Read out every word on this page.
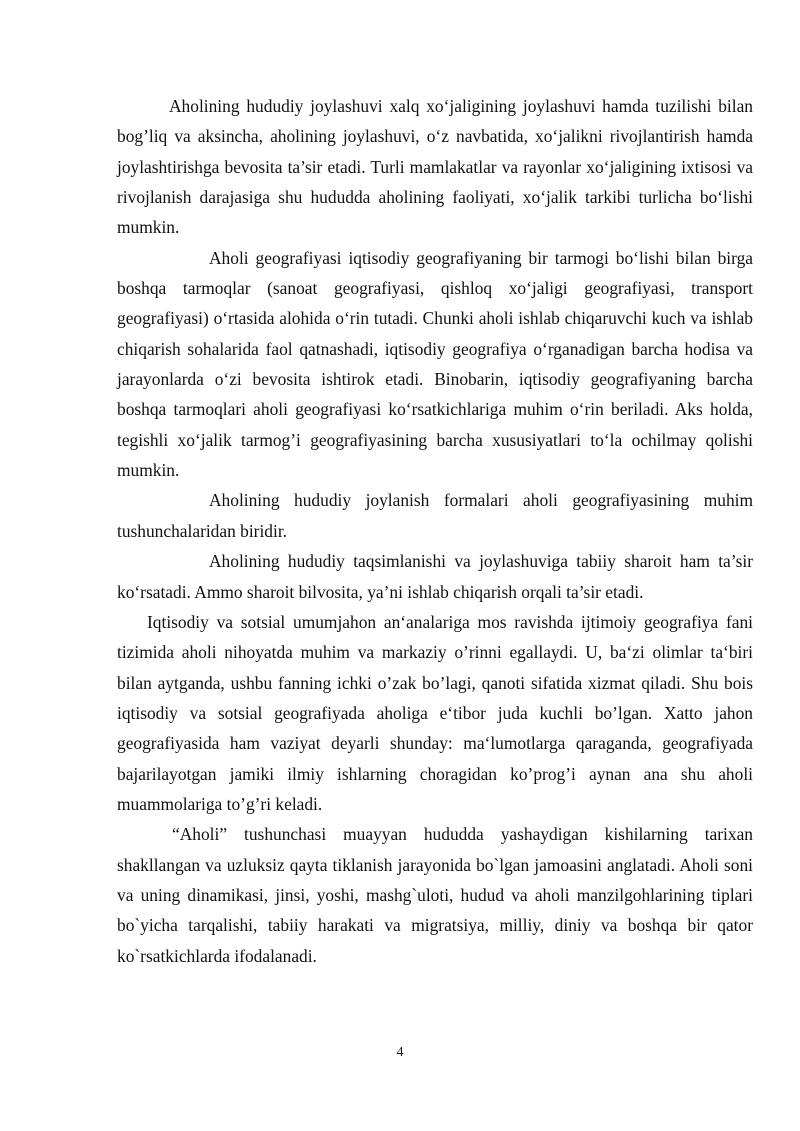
Aholining hududiy joylashuvi xalq xo‘jaligining joylashuvi hamda tuzilishi bilan bog’liq va aksincha, aholining joylashuvi, o‘z navbatida, xo‘jalikni rivojlantirish hamda joylashtirishga bevosita ta’sir etadi. Turli mamlakatlar va rayonlar xo‘jaligining ixtisosi va rivojlanish darajasiga shu hududda aholining faoliyati, xo‘jalik tarkibi turlicha bo‘lishi mumkin.

Aholi geografiyasi iqtisodiy geografiyaning bir tarmogi bo‘lishi bilan birga boshqa tarmoqlar (sanoat geografiyasi, qishloq xo‘jaligi geografiyasi, transport geografiyasi) o‘rtasida alohida o‘rin tutadi. Chunki aholi ishlab chiqaruvchi kuch va ishlab chiqarish sohalarida faol qatnashadi, iqtisodiy geografiya o‘rganadigan barcha hodisa va jarayonlarda o‘zi bevosita ishtirok etadi. Binobarin, iqtisodiy geografiyaning barcha boshqa tarmoqlari aholi geografiyasi ko‘rsatkichlariga muhim o‘rin beriladi. Aks holda, tegishli xo‘jalik tarmog’i geografiyasining barcha xususiyatlari to‘la ochilmay qolishi mumkin.

Aholining hududiy joylanish formalari aholi geografiyasining muhim tushunchalaridan biridir.

Aholining hududiy taqsimlanishi va joylashuviga tabiiy sharoit ham ta’sir ko‘rsatadi. Ammo sharoit bilvosita, ya’ni ishlab chiqarish orqali ta’sir etadi.

Iqtisodiy va sotsial umumjahon an‘analariga mos ravishda ijtimoiy geografiya fani tizimida aholi nihoyatda muhim va markaziy o’rinni egallaydi. U, ba‘zi olimlar ta‘biri bilan aytganda, ushbu fanning ichki o’zak bo’lagi, qanoti sifatida xizmat qiladi. Shu bois iqtisodiy va sotsial geografiyada aholiga e‘tibor juda kuchli bo’lgan. Xatto jahon geografiyasida ham vaziyat deyarli shunday: ma‘lumotlarga qaraganda, geografiyada bajarilayotgan jamiki ilmiy ishlarning choragidan ko’prog’i aynan ana shu aholi muammolariga to’g’ri keladi.

“Aholi” tushunchasi muayyan hududda yashaydigan kishilarning tarixan shakllangan va uzluksiz qayta tiklanish jarayonida bo`lgan jamoasini anglatadi. Aholi soni va uning dinamikasi, jinsi, yoshi, mashg`uloti, hudud va aholi manzilgohlarining tiplari bo`yicha tarqalishi, tabiiy harakati va migratsiya, milliy, diniy va boshqa bir qator ko`rsatkichlarda ifodalanadi.

4
